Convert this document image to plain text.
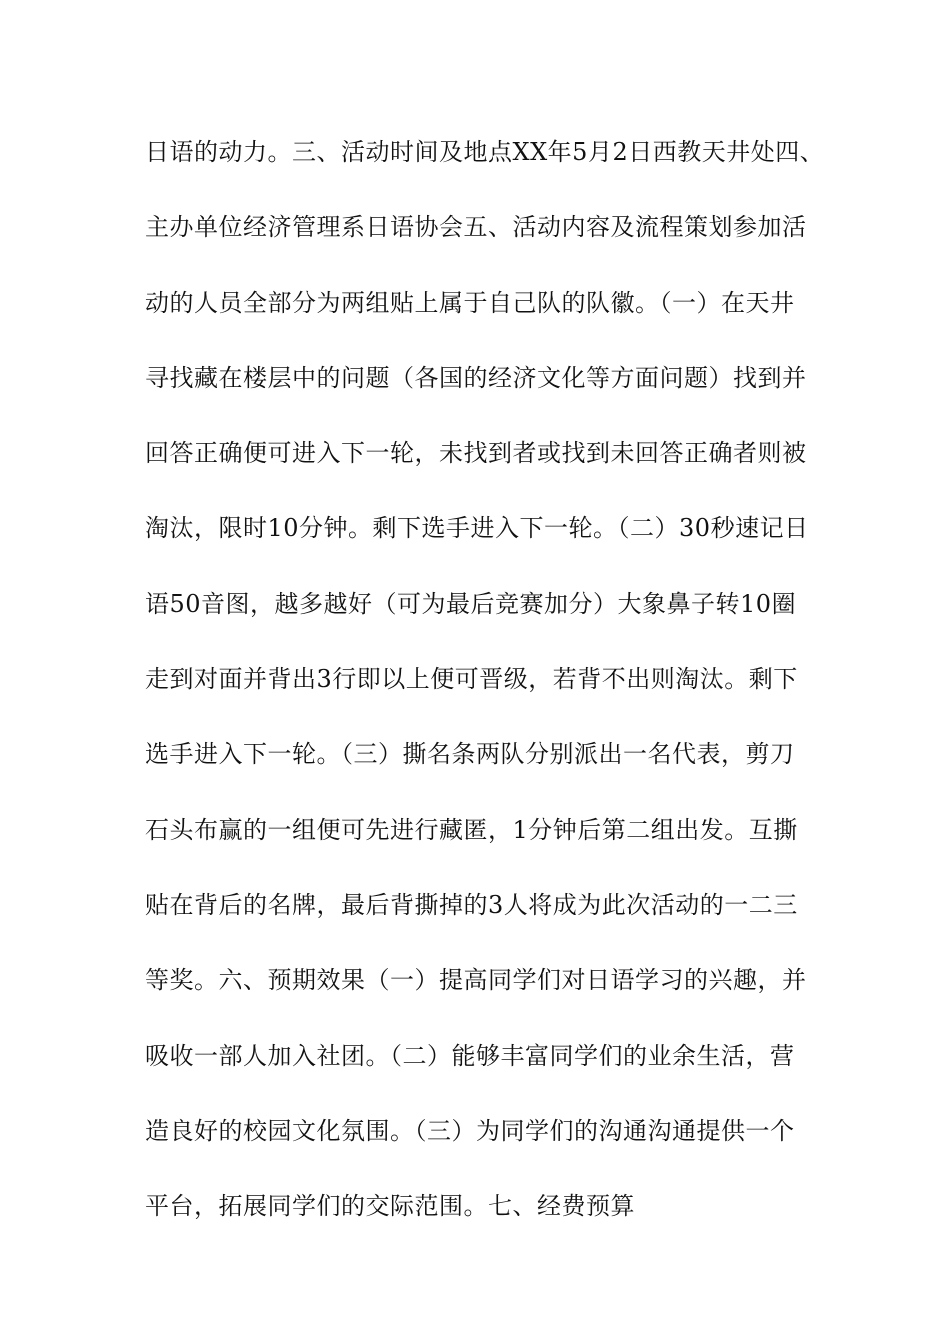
日语的动力。三、活动时间及地点XX年5月2日西教天井处四、
主办单位经济管理系日语协会五、活动内容及流程策划参加活
动的人员全部分为两组贴上属于自己队的队徽。（一）在天井
寻找藏在楼层中的问题（各国的经济文化等方面问题）找到并
回答正确便可进入下一轮，未找到者或找到未回答正确者则被
淘汰，限时10分钟。剩下选手进入下一轮。（二）30秒速记日
语50音图，越多越好（可为最后竞赛加分）大象鼻子转10圈
走到对面并背出3行即以上便可晋级，若背不出则淘汰。剩下
选手进入下一轮。（三）撕名条两队分别派出一名代表，剪刀
石头布赢的一组便可先进行藏匿，1分钟后第二组出发。互撕
贴在背后的名牌，最后背撕掉的3人将成为此次活动的一二三
等奖。六、预期效果（一）提高同学们对日语学习的兴趣，并
吸收一部人加入社团。（二）能够丰富同学们的业余生活，营
造良好的校园文化氛围。（三）为同学们的沟通沟通提供一个
平台，拓展同学们的交际范围。七、经费预算
